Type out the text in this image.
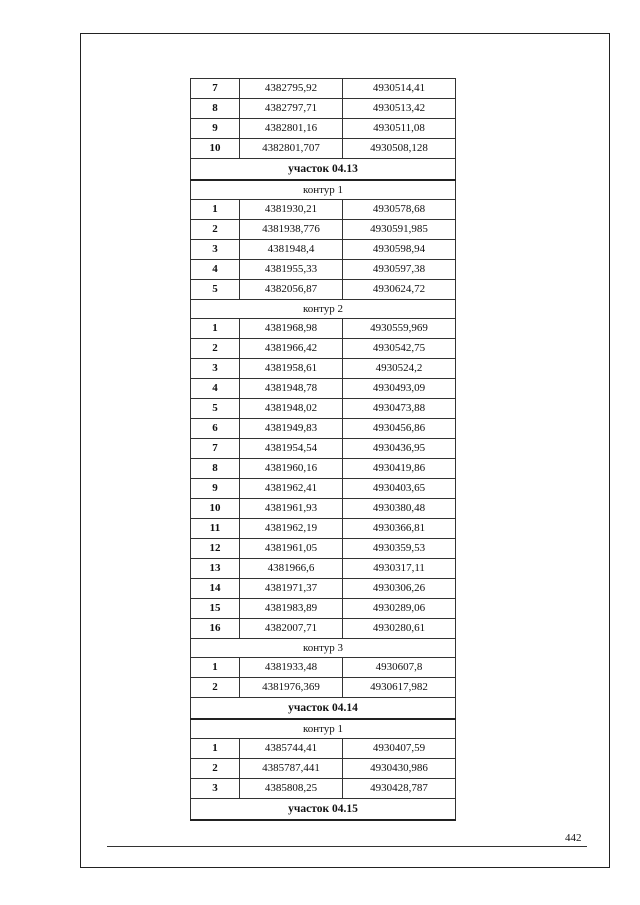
7	4382795,92	4930514,41
8	4382797,71	4930513,42
9	4382801,16	4930511,08
10	4382801,707	4930508,128
участок 04.13		
контур 1		
1	4381930,21	4930578,68
2	4381938,776	4930591,985
3	4381948,4	4930598,94
4	4381955,33	4930597,38
5	4382056,87	4930624,72
контур 2		
1	4381968,98	4930559,969
2	4381966,42	4930542,75
3	4381958,61	4930524,2
4	4381948,78	4930493,09
5	4381948,02	4930473,88
6	4381949,83	4930456,86
7	4381954,54	4930436,95
8	4381960,16	4930419,86
9	4381962,41	4930403,65
10	4381961,93	4930380,48
11	4381962,19	4930366,81
12	4381961,05	4930359,53
13	4381966,6	4930317,11
14	4381971,37	4930306,26
15	4381983,89	4930289,06
16	4382007,71	4930280,61
контур 3		
1	4381933,48	4930607,8
2	4381976,369	4930617,982
участок 04.14		
контур 1		
1	4385744,41	4930407,59
2	4385787,441	4930430,986
3	4385808,25	4930428,787
участок 04.15		
442
